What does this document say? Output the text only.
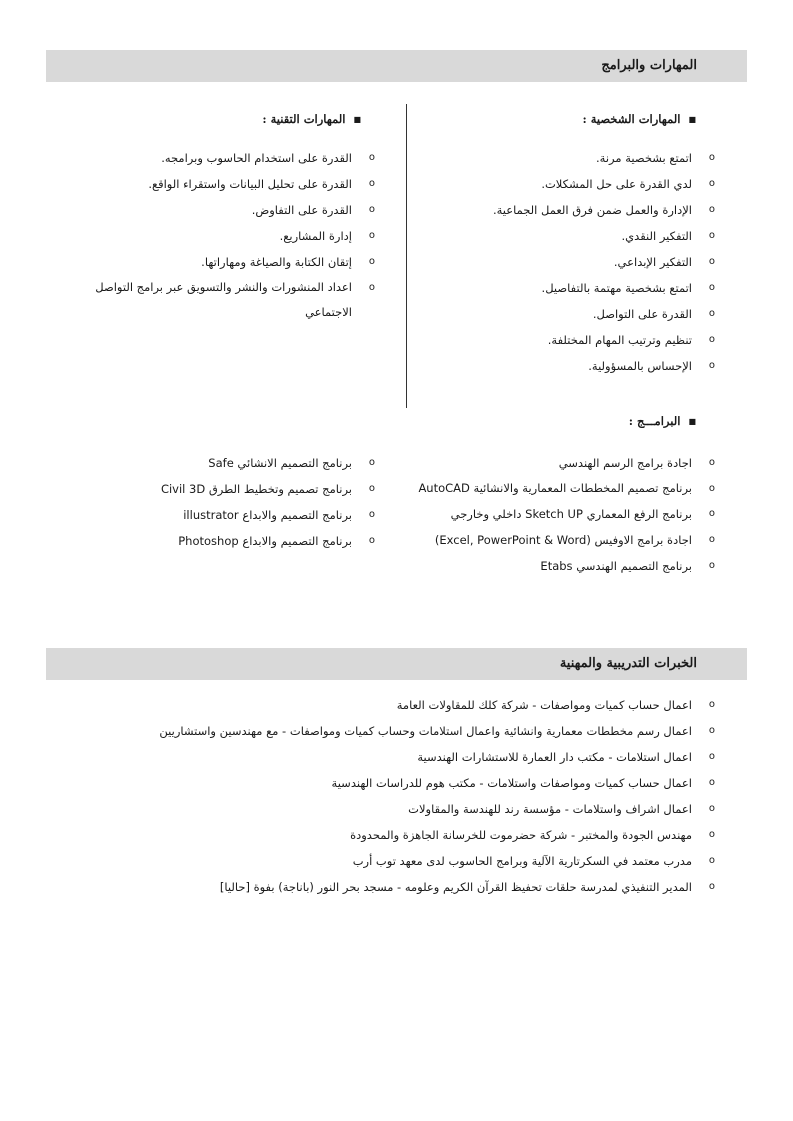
المهارات والبرامج
■المهارات الشخصية :
o
اتمتع بشخصية مرنة.
o
لدي القدرة على حل المشكلات.
o
الإدارة والعمل ضمن فرق العمل الجماعية.
o
التفكير النقدي.
o
التفكير الإبداعي.
o
اتمتع بشخصية مهتمة بالتفاصيل.
o
القدرة على التواصل.
o
تنظيم وترتيب المهام المختلفة.
o
الإحساس بالمسؤولية.
■المهارات التقنية :
o
القدرة على استخدام الحاسوب وبرامجه.
o
القدرة على تحليل البيانات واستقراء الواقع.
o
القدرة على التفاوض.
o
إدارة المشاريع.
o
إتقان الكتابة والصياغة ومهاراتها.
o
اعداد المنشورات والنشر والتسويق عبر برامج التواصل الاجتماعي
■البرامـــج :
o
اجادة برامج الرسم الهندسي
o
برنامج تصميم المخططات المعمارية والانشائية AutoCAD
o
برنامج الرفع المعماري Sketch UP داخلي وخارجي
o
اجادة برامج الاوفيس (Excel, PowerPoint & Word)
o
برنامج التصميم الهندسي Etabs
o
برنامج التصميم الانشائي Safe
o
برنامج تصميم وتخطيط الطرق Civil 3D
o
برنامج التصميم والابداع illustrator
o
برنامج التصميم والابداع Photoshop
الخبرات التدريبية والمهنية
o
اعمال حساب كميات ومواصفات - شركة كلك للمقاولات العامة
o
اعمال رسم مخططات معمارية وانشائية واعمال استلامات وحساب كميات ومواصفات - مع مهندسين واستشاريين
o
اعمال استلامات - مكتب دار العمارة للاستشارات الهندسية
o
اعمال حساب كميات ومواصفات واستلامات - مكتب هوم للدراسات الهندسية
o
اعمال اشراف واستلامات - مؤسسة رند للهندسة والمقاولات
o
مهندس الجودة والمختبر - شركة حضرموت للخرسانة الجاهزة والمحدودة
o
مدرب معتمد في السكرتارية الآلية وبرامج الحاسوب لدى معهد توب أرب
o
المدير التنفيذي لمدرسة حلقات تحفيظ القرآن الكريم وعلومه - مسجد بحر النور (باناجة) بفوة [حاليا]
